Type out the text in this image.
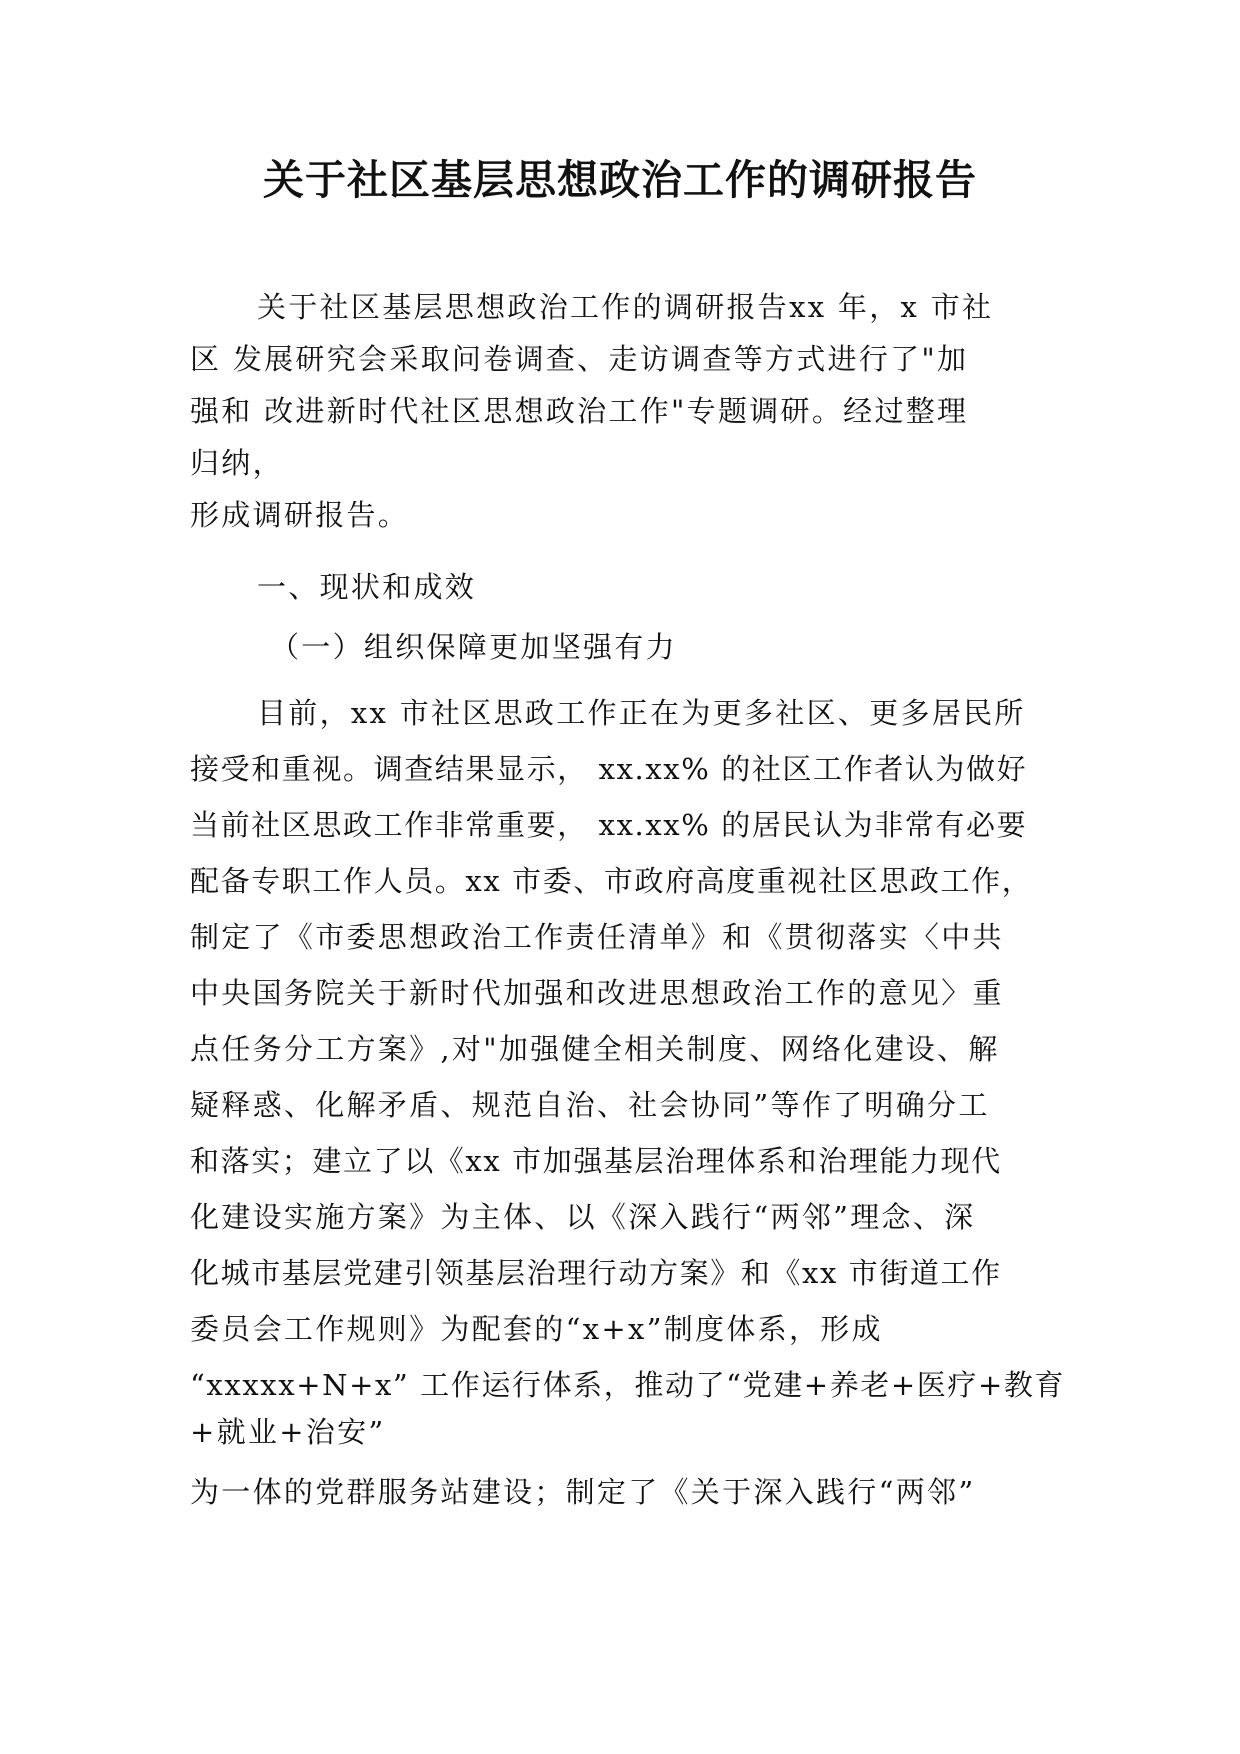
关于社区基层思想政治工作的调研报告
关于社区基层思想政治工作的调研报告xx 年，x 市社
区 发展研究会采取问卷调查、走访调查等方式进行了"加
强和 改进新时代社区思想政治工作"专题调研。经过整理
归纳，
形成调研报告。
一、现状和成效
（一）组织保障更加坚强有力
目前，xx 市社区思政工作正在为更多社区、更多居民所
接受和重视。调查结果显示， xx.xx% 的社区工作者认为做好
当前社区思政工作非常重要， xx.xx% 的居民认为非常有必要
配备专职工作人员。xx 市委、市政府高度重视社区思政工作，
制定了《市委思想政治工作责任清单》和《贯彻落实〈中共
中央国务院关于新时代加强和改进思想政治工作的意见〉重
点任务分工方案》,对"加强健全相关制度、网络化建设、解
疑释惑、化解矛盾、规范自治、社会协同”等作了明确分工
和落实；建立了以《xx 市加强基层治理体系和治理能力现代
化建设实施方案》为主体、以《深入践行“两邻”理念、深
化城市基层党建引领基层治理行动方案》和《xx 市街道工作
委员会工作规则》为配套的“x+x”制度体系，形成
“xxxxx+N+x” 工作运行体系，推动了“党建+养老+医疗+教育
+就业+治安”
为一体的党群服务站建设；制定了《关于深入践行“两邻”
